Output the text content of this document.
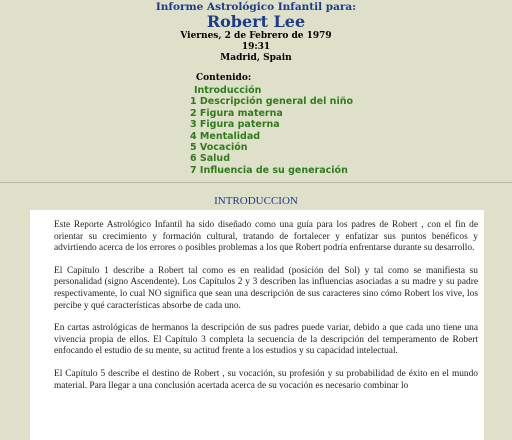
Informe Astrológico Infantil para:
Robert Lee
Viernes, 2 de Febrero de 1979
19:31
Madrid, Spain
Contenido:
Introducción
1 Descripción general del niño
2 Figura materna
3 Figura paterna
4 Mentalidad
5 Vocación
6 Salud
7 Influencia de su generación
INTRODUCCION

Este Reporte Astrológico Infantil ha sido diseñado como una guía para los padres de Robert , con el fin de orientar su crecimiento y formación cultural, tratando de fortalecer y enfatizar sus puntos benéficos y advirtiendo acerca de los errores o posibles problemas a los que Robert podría enfrentarse durante su desarrollo.

El Capítulo 1 describe a Robert tal como es en realidad (posición del Sol) y tal como se manifiesta su personalidad (signo Ascendente). Los Capítulos 2 y 3 describen las influencias asociadas a su madre y su padre respectivamente, lo cual NO significa que sean una descripción de sus caracteres sino cómo Robert los vive, los percibe y qué características absorbe de cada uno.

En cartas astrológicas de hermanos la descripción de sus padres puede variar, debido a que cada uno tiene una vivencia propia de ellos. El Capítulo 3 completa la secuencia de la descripción del temperamento de Robert enfocando el estudio de su mente, su actitud frente a los estudios y su capacidad intelectual.

El Capítulo 5 describe el destino de Robert , su vocación, su profesión y su probabilidad de éxito en el mundo material. Para llegar a una conclusión acertada acerca de su vocación es necesario combinar lo
